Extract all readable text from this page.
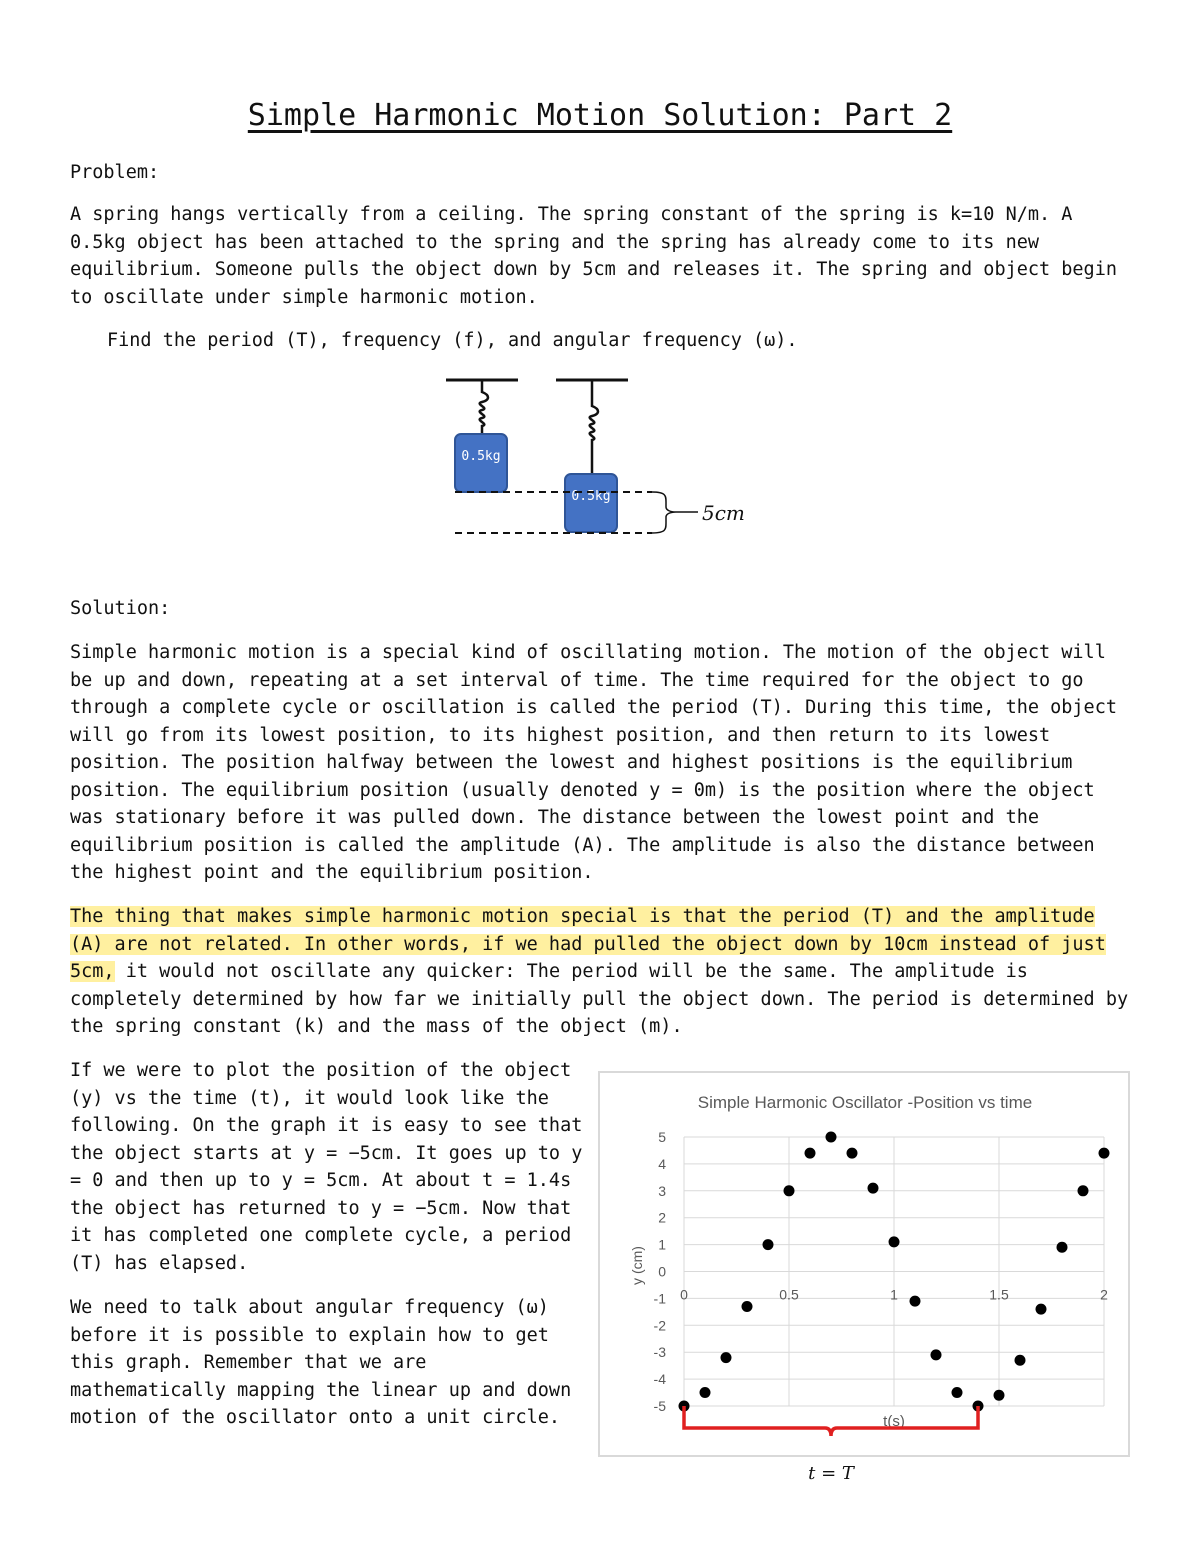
Simple Harmonic Motion Solution: Part 2
Problem:

A spring hangs vertically from a ceiling. The spring constant of the spring is k=10 N/m. A 0.5kg object has been attached to the spring and the spring has already come to its new equilibrium. Someone pulls the object down by 5cm and releases it. The spring and object begin to oscillate under simple harmonic motion.

Find the period (T), frequency (f), and angular frequency (ω).

0.5kg
0.5kg
5cm
Solution:

Simple harmonic motion is a special kind of oscillating motion. The motion of the object will be up and down, repeating at a set interval of time. The time required for the object to go through a complete cycle or oscillation is called the period (T). During this time, the object will go from its lowest position, to its highest position, and then return to its lowest position. The position halfway between the lowest and highest positions is the equilibrium position. The equilibrium position (usually denoted y = 0m) is the position where the object was stationary before it was pulled down. The distance between the lowest point and the equilibrium position is called the amplitude (A). The amplitude is also the distance between the highest point and the equilibrium position.

The thing that makes simple harmonic motion special is that the period (T) and the amplitude (A) are not related. In other words, if we had pulled the object down by 10cm instead of just 5cm, it would not oscillate any quicker: The period will be the same. The amplitude is completely determined by how far we initially pull the object down. The period is determined by the spring constant (k) and the mass of the object (m).

If we were to plot the position of the object (y) vs the time (t), it would look like the following. On the graph it is easy to see that the object starts at y = −5cm. It goes up to y = 0 and then up to y = 5cm. At about t = 1.4s the object has returned to y = −5cm. Now that it has completed one complete cycle, a period (T) has elapsed.

We need to talk about angular frequency (ω) before it is possible to explain how to get this graph. Remember that we are mathematically mapping the linear up and down motion of the oscillator onto a unit circle.

Simple Harmonic Oscillator -Position vs time
5
4
3
2
1
0
-1
-2
-3
-4
-5
0	0.5	1	1.5	2
y (cm)
t(s)
t = T
